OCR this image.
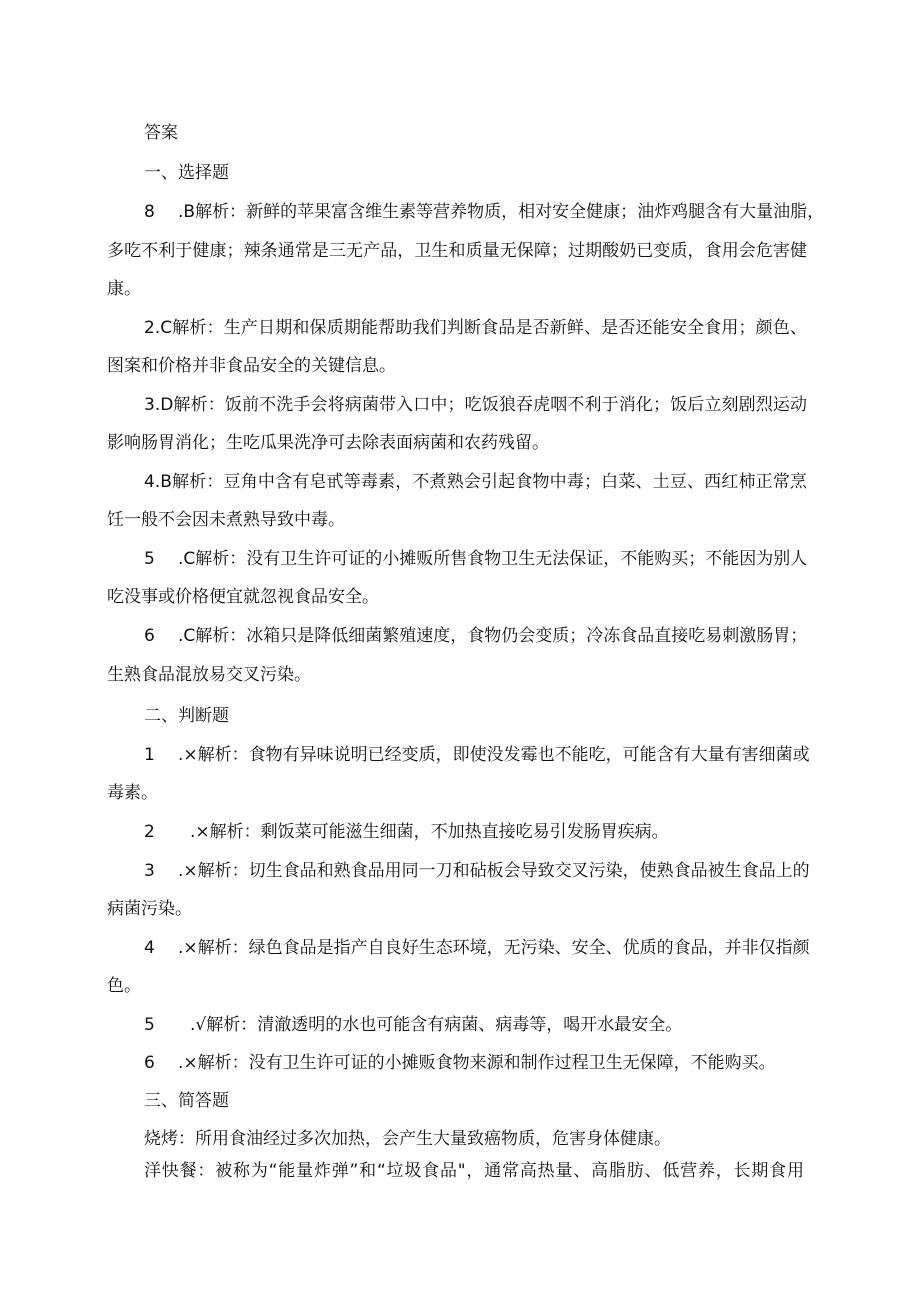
答案
一、选择题
8 .B解析：新鲜的苹果富含维生素等营养物质，相对安全健康；油炸鸡腿含有大量油脂，
多吃不利于健康；辣条通常是三无产品，卫生和质量无保障；过期酸奶已变质，食用会危害健
康。
2.C解析：生产日期和保质期能帮助我们判断食品是否新鲜、是否还能安全食用；颜色、
图案和价格并非食品安全的关键信息。
3.D解析：饭前不洗手会将病菌带入口中；吃饭狼吞虎咽不利于消化；饭后立刻剧烈运动
影响肠胃消化；生吃瓜果洗净可去除表面病菌和农药残留。
4.B解析：豆角中含有皂甙等毒素，不煮熟会引起食物中毒；白菜、土豆、西红柿正常烹
饪一般不会因未煮熟导致中毒。
5 .C解析：没有卫生许可证的小摊贩所售食物卫生无法保证，不能购买；不能因为别人
吃没事或价格便宜就忽视食品安全。
6 .C解析：冰箱只是降低细菌繁殖速度，食物仍会变质；冷冻食品直接吃易刺激肠胃；
生熟食品混放易交叉污染。
二、判断题
1 .×解析：食物有异味说明已经变质，即使没发霉也不能吃，可能含有大量有害细菌或
毒素。
2 .×解析：剩饭菜可能滋生细菌，不加热直接吃易引发肠胃疾病。
3 .×解析：切生食品和熟食品用同一刀和砧板会导致交叉污染，使熟食品被生食品上的
病菌污染。
4 .×解析：绿色食品是指产自良好生态环境，无污染、安全、优质的食品，并非仅指颜
色。
5 .√解析：清澈透明的水也可能含有病菌、病毒等，喝开水最安全。
6 .×解析：没有卫生许可证的小摊贩食物来源和制作过程卫生无保障，不能购买。
三、简答题
烧烤：所用食油经过多次加热，会产生大量致癌物质，危害身体健康。
洋快餐：被称为“能量炸弹”和“垃圾食品"，通常高热量、高脂肪、低营养，长期食用
